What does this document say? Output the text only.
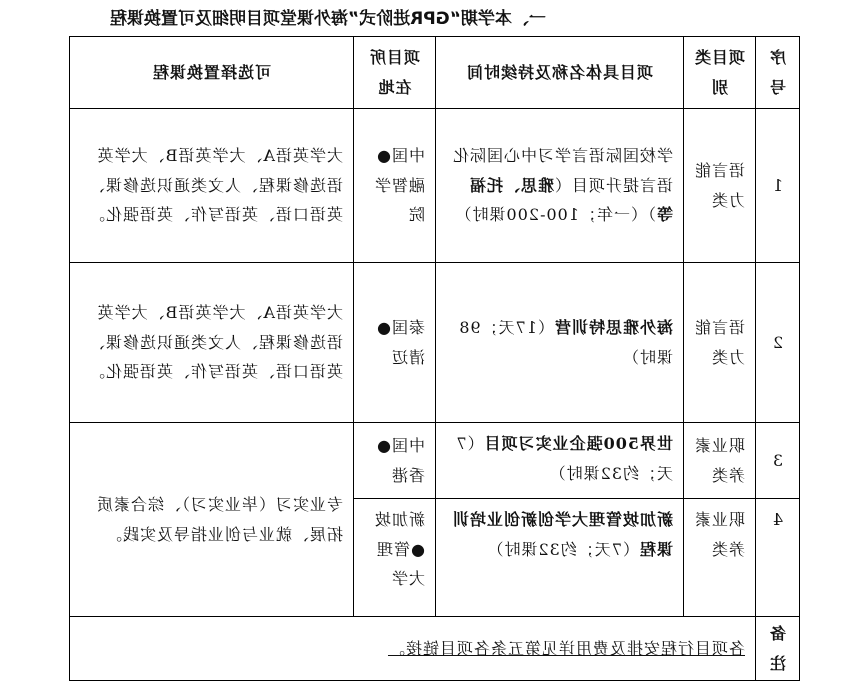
一、本学期“GPR进阶式”海外课堂项目明细及可置换课程
序号	项目类别	项目具体名称及持续时间	项目所在地	可选择置换课程
1	语言能力类	学校国际语言学习中心国际化语言提升项目（雅思、托福等）（一年；100-200课时）	中国●融智学院	大学英语A、大学英语B、大学英语选修课程、人文类通识选修课、英语口语、英语写作、英语强化。
2	语言能力类	海外雅思特训营（17天；98课时）	泰国●清迈	大学英语A、大学英语B、大学英语选修课程、人文类通识选修课、英语口语、英语写作、英语强化。
3	职业素养类	世界500强企业实习项目（7天；约32课时）	中国●香港	专业实习（毕业实习）、综合素质拓展、就业与创业指导及实践。
4	职业素养类	新加坡管理大学创新创业培训课程（7天；约32课时）	新加坡●管理大学	
备注	各项目行程安排及费用详见第五条各项目链接。			
